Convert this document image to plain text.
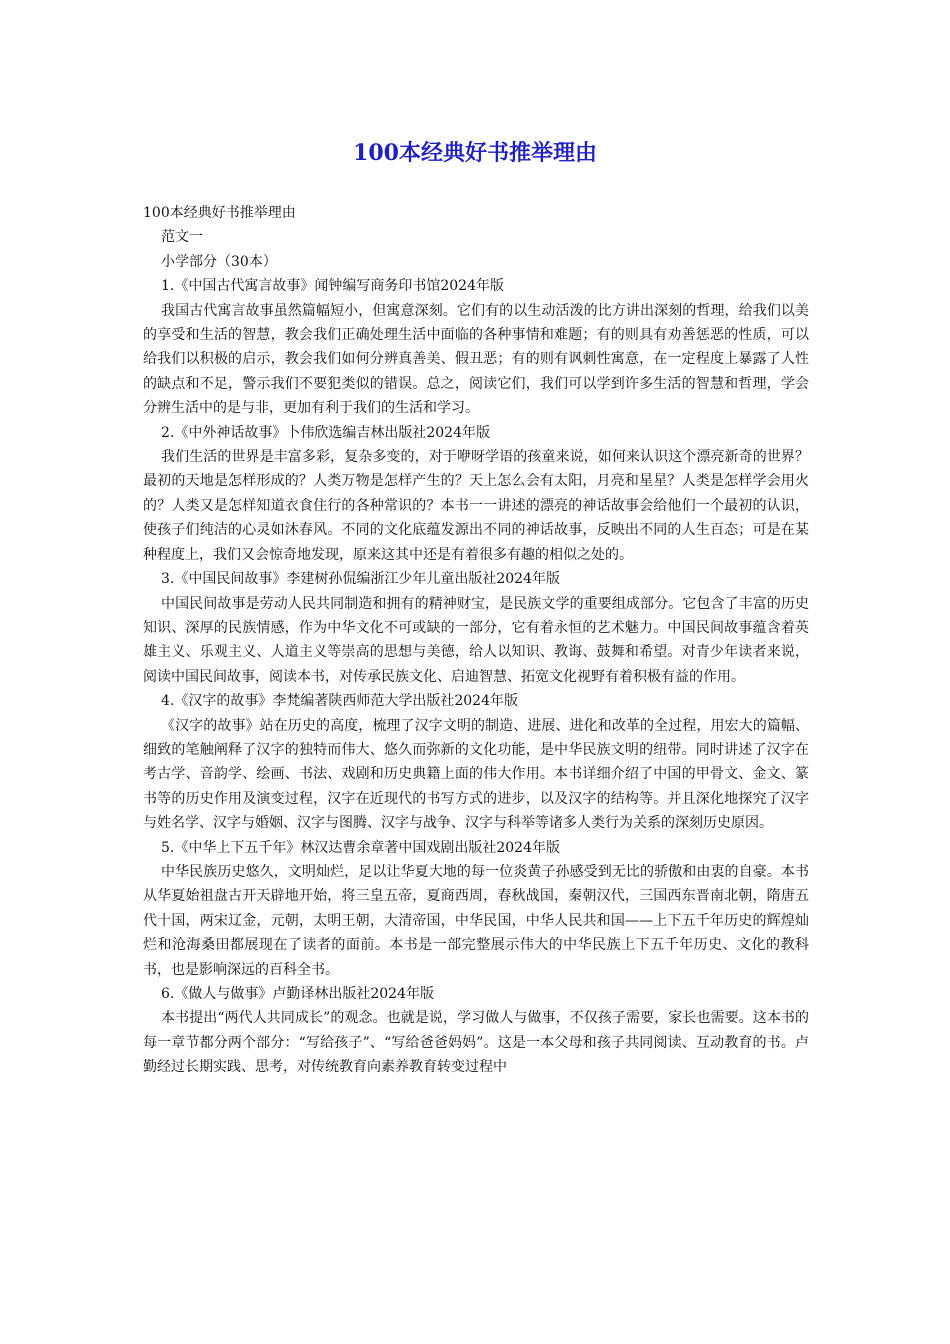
100本经典好书推举理由

100本经典好书推举理由

范文一

小学部分（30本）

1.《中国古代寓言故事》闻钟编写商务印书馆2024年版

我国古代寓言故事虽然篇幅短小，但寓意深刻。它们有的以生动活泼的比方讲出深刻的哲理，给我们以美的享受和生活的智慧，教会我们正确处理生活中面临的各种事情和难题；有的则具有劝善惩恶的性质，可以给我们以积极的启示，教会我们如何分辨真善美、假丑恶；有的则有讽刺性寓意，在一定程度上暴露了人性的缺点和不足，警示我们不要犯类似的错误。总之，阅读它们，我们可以学到许多生活的智慧和哲理，学会分辨生活中的是与非，更加有利于我们的生活和学习。

2.《中外神话故事》卜伟欣选编吉林出版社2024年版

我们生活的世界是丰富多彩，复杂多变的，对于咿呀学语的孩童来说，如何来认识这个漂亮新奇的世界？最初的天地是怎样形成的？人类万物是怎样产生的？天上怎么会有太阳，月亮和星星？人类是怎样学会用火的？人类又是怎样知道衣食住行的各种常识的？本书一一讲述的漂亮的神话故事会给他们一个最初的认识，使孩子们纯洁的心灵如沐春风。不同的文化底蕴发源出不同的神话故事，反映出不同的人生百态；可是在某种程度上，我们又会惊奇地发现，原来这其中还是有着很多有趣的相似之处的。

3.《中国民间故事》李建树孙侃编浙江少年儿童出版社2024年版

中国民间故事是劳动人民共同制造和拥有的精神财宝，是民族文学的重要组成部分。它包含了丰富的历史知识、深厚的民族情感，作为中华文化不可或缺的一部分，它有着永恒的艺术魅力。中国民间故事蕴含着英雄主义、乐观主义、人道主义等崇高的思想与美德，给人以知识、教诲、鼓舞和希望。对青少年读者来说，阅读中国民间故事，阅读本书，对传承民族文化、启迪智慧、拓宽文化视野有着积极有益的作用。

4.《汉字的故事》李梵编著陕西师范大学出版社2024年版

《汉字的故事》站在历史的高度，梳理了汉字文明的制造、进展、进化和改革的全过程，用宏大的篇幅、细致的笔触阐释了汉字的独特而伟大、悠久而弥新的文化功能，是中华民族文明的纽带。同时讲述了汉字在考古学、音韵学、绘画、书法、戏剧和历史典籍上面的伟大作用。本书详细介绍了中国的甲骨文、金文、篆书等的历史作用及演变过程，汉字在近现代的书写方式的进步，以及汉字的结构等。并且深化地探究了汉字与姓名学、汉字与婚姻、汉字与图腾、汉字与战争、汉字与科举等诸多人类行为关系的深刻历史原因。

5.《中华上下五千年》林汉达曹余章著中国戏剧出版社2024年版

中华民族历史悠久，文明灿烂，足以让华夏大地的每一位炎黄子孙感受到无比的骄傲和由衷的自豪。本书从华夏始祖盘古开天辟地开始，将三皇五帝，夏商西周，春秋战国，秦朝汉代，三国西东晋南北朝，隋唐五代十国，两宋辽金，元朝，太明王朝，大清帝国，中华民国，中华人民共和国——上下五千年历史的辉煌灿烂和沧海桑田都展现在了读者的面前。本书是一部完整展示伟大的中华民族上下五千年历史、文化的教科书，也是影响深远的百科全书。

6.《做人与做事》卢勤译林出版社2024年版

本书提出“两代人共同成长”的观念。也就是说，学习做人与做事，不仅孩子需要，家长也需要。这本书的每一章节都分两个部分：“写给孩子”、“写给爸爸妈妈”。这是一本父母和孩子共同阅读、互动教育的书。卢勤经过长期实践、思考，对传统教育向素养教育转变过程中
